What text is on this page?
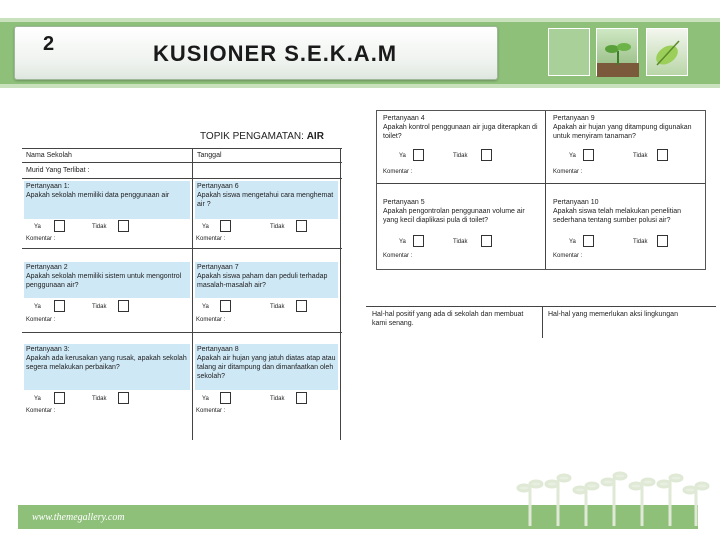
2	KUSIONER S.E.K.A.M
TOPIK PENGAMATAN: AIR
Nama Sekolah	Tanggal
Murid Yang Terlibat :
Pertanyaan 1:
Apakah sekolah memiliki data penggunaan air
Ya	Tidak
Komentar :
Pertanyaan 6
Apakah siswa mengetahui cara menghemat air ?
Ya	Tidak
Komentar :
Pertanyaan 2
Apakah sekolah memiliki sistem untuk mengontrol penggunaan air?
Ya	Tidak
Komentar :
Pertanyaan 7
Apakah siswa paham dan peduli terhadap masalah-masalah air?
Ya	Tidak
Komentar :
Pertanyaan 3:
Apakah ada kerusakan yang rusak, apakah sekolah segera melakukan perbaikan?
Ya	Tidak
Komentar :
Pertanyaan 8
Apakah air hujan yang jatuh diatas atap atau talang air ditampung dan dimanfaatkan oleh sekolah?
Ya	Tidak
Komentar :
Pertanyaan 4
Apakah kontrol penggunaan air juga diterapkan di toilet?
Ya	Tidak
Komentar :
Pertanyaan 9
Apakah air hujan yang ditampung digunakan untuk menyiram tanaman?
Ya	Tidak
Komentar :
Pertanyaan 5
Apakah pengontrolan penggunaan volume air yang kecil diaplikasi pula di toilet?
Ya	Tidak
Komentar :
Pertanyaan 10
Apakah siswa telah melakukan penelitian sederhana tentang sumber polusi air?
Ya	Tidak
Komentar :
Hal-hal positif yang ada di sekolah dan membuat kami senang.
Hal-hal yang memerlukan aksi lingkungan
www.themegallery.com
